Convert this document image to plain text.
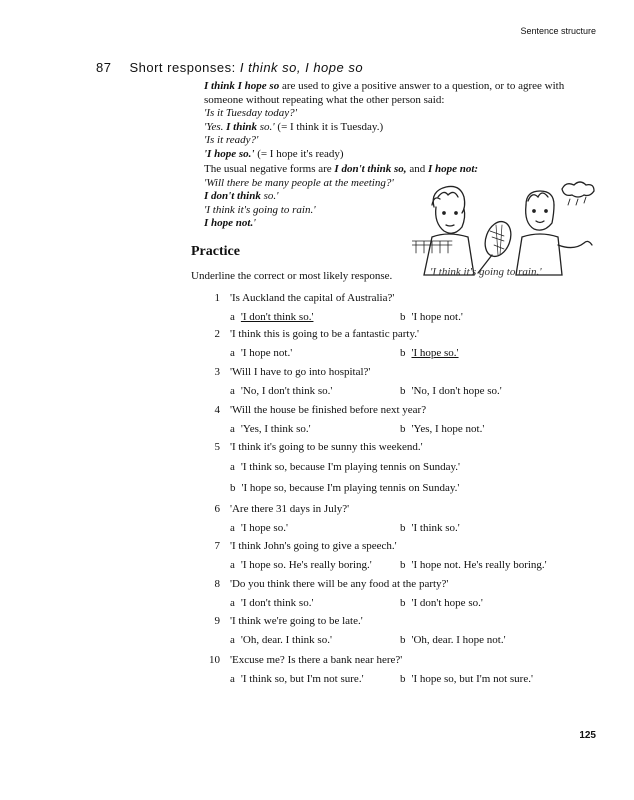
Sentence structure
87 Short responses: I think so, I hope so
I think I hope so are used to give a positive answer to a question, or to agree with someone without repeating what the other person said:
'Is it Tuesday today?'
'Yes. I think so.' (= I think it is Tuesday.)
'Is it ready?'
'I hope so.' (= I hope it's ready)
The usual negative forms are I don't think so, and I hope not:
'Will there be many people at the meeting?'
I don't think so.'
'I think it's going to rain.'
I hope not.'
'I think it's going to rain.'
Practice
Underline the correct or most likely response.
1 'Is Auckland the capital of Australia?'
a 'I don't think so.'	b 'I hope not.'
2 'I think this is going to be a fantastic party.'
a 'I hope not.'	b 'I hope so.'
3 'Will I have to go into hospital?'
a 'No, I don't think so.'	b 'No, I don't hope so.'
4 'Will the house be finished before next year?
a 'Yes, I think so.'	b 'Yes, I hope not.'
5 'I think it's going to be sunny this weekend.'
a 'I think so, because I'm playing tennis on Sunday.'
b 'I hope so, because I'm playing tennis on Sunday.'
6 'Are there 31 days in July?'
a 'I hope so.'	b 'I think so.'
7 'I think John's going to give a speech.'
a 'I hope so. He's really boring.'	b 'I hope not. He's really boring.'
8 'Do you think there will be any food at the party?'
a 'I don't think so.'	b 'I don't hope so.'
9 'I think we're going to be late.'
a 'Oh, dear. I think so.'	b 'Oh, dear. I hope not.'
10 'Excuse me? Is there a bank near here?'
a 'I think so, but I'm not sure.'	b 'I hope so, but I'm not sure.'
125
